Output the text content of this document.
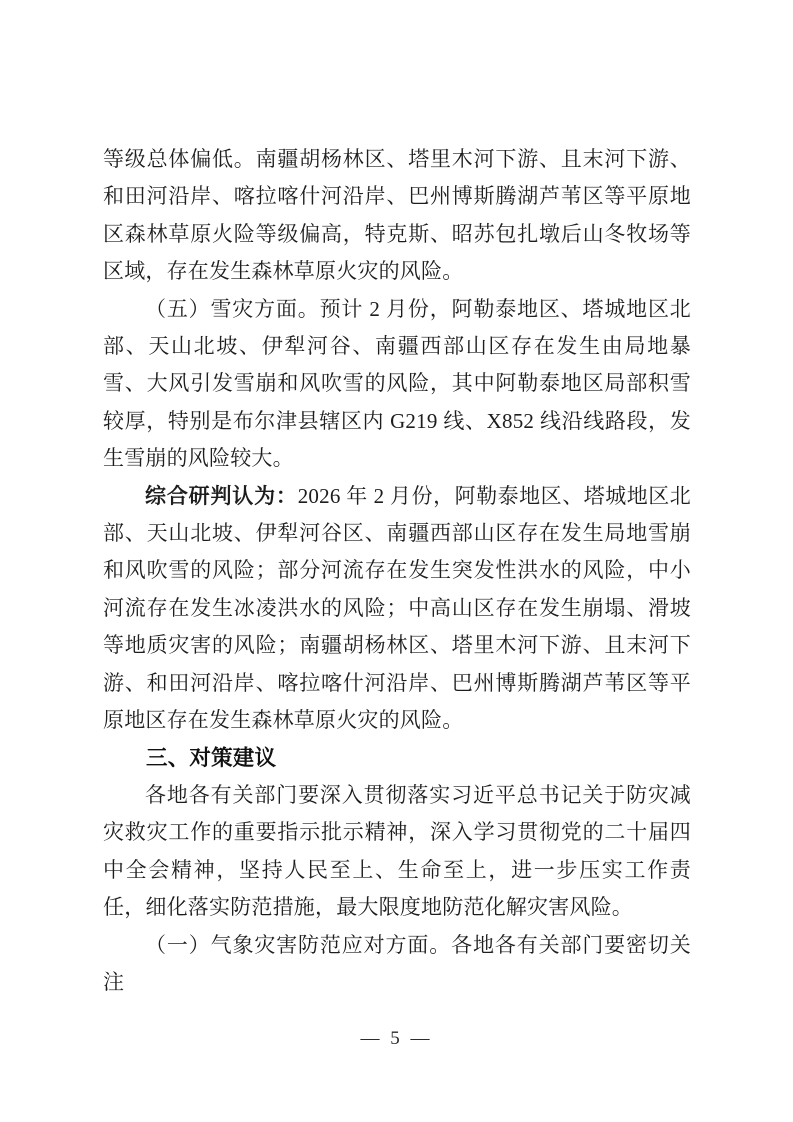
等级总体偏低。南疆胡杨林区、塔里木河下游、且末河下游、和田河沿岸、喀拉喀什河沿岸、巴州博斯腾湖芦苇区等平原地区森林草原火险等级偏高，特克斯、昭苏包扎墩后山冬牧场等区域，存在发生森林草原火灾的风险。

（五）雪灾方面。预计 2 月份，阿勒泰地区、塔城地区北部、天山北坡、伊犁河谷、南疆西部山区存在发生由局地暴雪、大风引发雪崩和风吹雪的风险，其中阿勒泰地区局部积雪较厚，特别是布尔津县辖区内 G219 线、X852 线沿线路段，发生雪崩的风险较大。

综合研判认为：2026 年 2 月份，阿勒泰地区、塔城地区北部、天山北坡、伊犁河谷区、南疆西部山区存在发生局地雪崩和风吹雪的风险；部分河流存在发生突发性洪水的风险，中小河流存在发生冰凌洪水的风险；中高山区存在发生崩塌、滑坡等地质灾害的风险；南疆胡杨林区、塔里木河下游、且末河下游、和田河沿岸、喀拉喀什河沿岸、巴州博斯腾湖芦苇区等平原地区存在发生森林草原火灾的风险。

三、对策建议

各地各有关部门要深入贯彻落实习近平总书记关于防灾减灾救灾工作的重要指示批示精神，深入学习贯彻党的二十届四中全会精神，坚持人民至上、生命至上，进一步压实工作责任，细化落实防范措施，最大限度地防范化解灾害风险。

（一）气象灾害防范应对方面。各地各有关部门要密切关注

— 5 —
